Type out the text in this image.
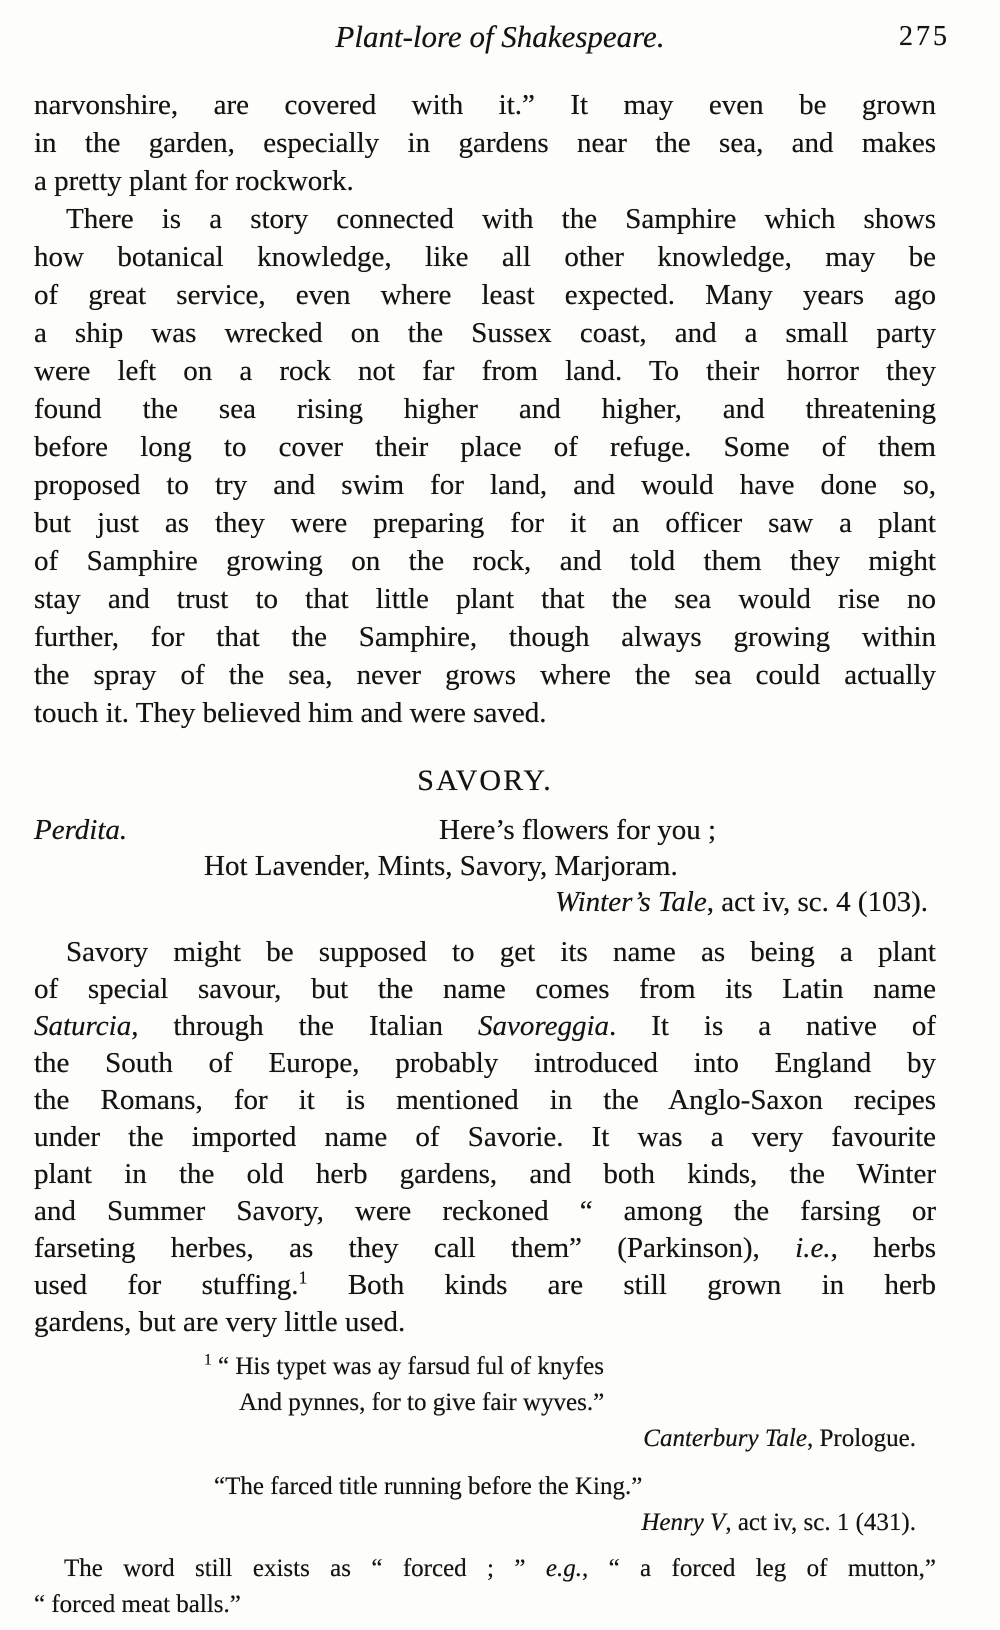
Plant-lore of Shakespeare.	275
narvonshire, are covered with it.” It may even be grown
in the garden, especially in gardens near the sea, and makes
a pretty plant for rockwork.
There is a story connected with the Samphire which shows
how botanical knowledge, like all other knowledge, may be
of great service, even where least expected. Many years ago
a ship was wrecked on the Sussex coast, and a small party
were left on a rock not far from land. To their horror they
found the sea rising higher and higher, and threatening
before long to cover their place of refuge. Some of them
proposed to try and swim for land, and would have done so,
but just as they were preparing for it an officer saw a plant
of Samphire growing on the rock, and told them they might
stay and trust to that little plant that the sea would rise no
further, for that the Samphire, though always growing within
the spray of the sea, never grows where the sea could actually
touch it. They believed him and were saved.
SAVORY.
Perdita.	Here’s flowers for you ;
Hot Lavender, Mints, Savory, Marjoram.
Winter’s Tale, act iv, sc. 4 (103).
Savory might be supposed to get its name as being a plant
of special savour, but the name comes from its Latin name
Saturcia, through the Italian Savoreggia. It is a native of
the South of Europe, probably introduced into England by
the Romans, for it is mentioned in the Anglo-Saxon recipes
under the imported name of Savorie. It was a very favourite
plant in the old herb gardens, and both kinds, the Winter
and Summer Savory, were reckoned “ among the farsing or
farseting herbes, as they call them” (Parkinson), i.e., herbs
used for stuffing.$^1$ Both kinds are still grown in herb
gardens, but are very little used.
$^1$ “ His typet was ay farsud ful of knyfes
And pynnes, for to give fair wyves.”
Canterbury Tale, Prologue.
“The farced title running before the King.”
Henry V, act iv, sc. 1 (431).
The word still exists as “ forced ; ” e.g., “ a forced leg of mutton,”
“ forced meat balls.”
